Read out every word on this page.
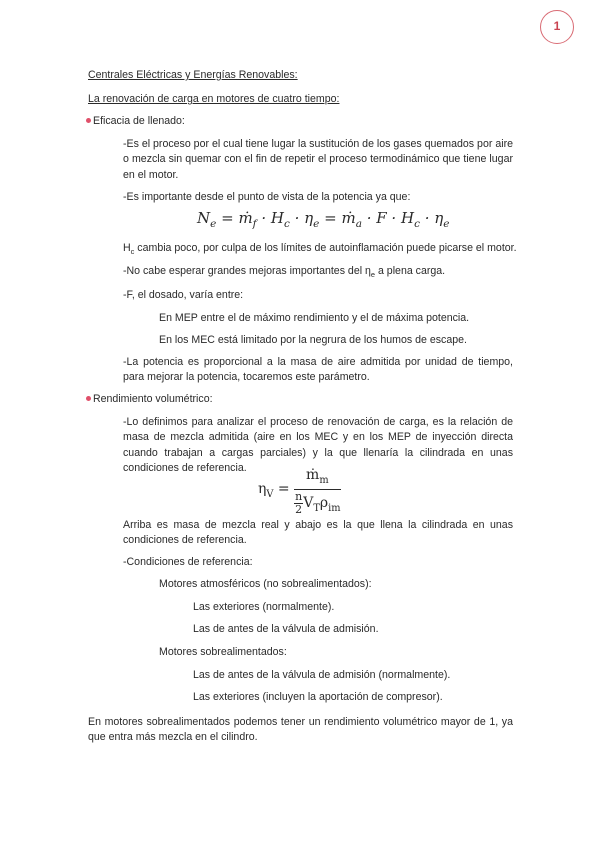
1
Centrales Eléctricas y Energías Renovables:
La renovación de carga en motores de cuatro tiempo:
Eficacia de llenado:
-Es el proceso por el cual tiene lugar la sustitución de los gases quemados por aire o mezcla sin quemar con el fin de repetir el proceso termodinámico que tiene lugar en el motor.
-Es importante desde el punto de vista de la potencia ya que:
$N_e$ = ṁ$_f$ · $H_c \cdot \eta_e$ = ṁ$_a$ · $F \cdot H_c \cdot \eta_e$
$H_c$ cambia poco, por culpa de los límites de autoinflamación puede picarse el motor.
-No cabe esperar grandes mejoras importantes del $\eta_e$ a plena carga.
-F, el dosado, varía entre:
En MEP entre el de máximo rendimiento y el de máxima potencia.
En los MEC está limitado por la negrura de los humos de escape.
-La potencia es proporcional a la masa de aire admitida por unidad de tiempo, para mejorar la potencia, tocaremos este parámetro.
Rendimiento volumétrico:
-Lo definimos para analizar el proceso de renovación de carga, es la relación de masa de mezcla admitida (aire en los MEC y en los MEP de inyección directa cuando trabajan a cargas parciales) y la que llenaría la cilindrada en unas condiciones de referencia.
$\eta_V = \frac{ṁ_m}{\frac{n}{2} V_T\rho_{im}}$
Arriba es masa de mezcla real y abajo es la que llena la cilindrada en unas condiciones de referencia.
-Condiciones de referencia:
Motores atmosféricos (no sobrealimentados):
Las exteriores (normalmente).
Las de antes de la válvula de admisión.
Motores sobrealimentados:
Las de antes de la válvula de admisión (normalmente).
Las exteriores (incluyen la aportación de compresor).
En motores sobrealimentados podemos tener un rendimiento volumétrico mayor de 1, ya que entra más mezcla en el cilindro.
